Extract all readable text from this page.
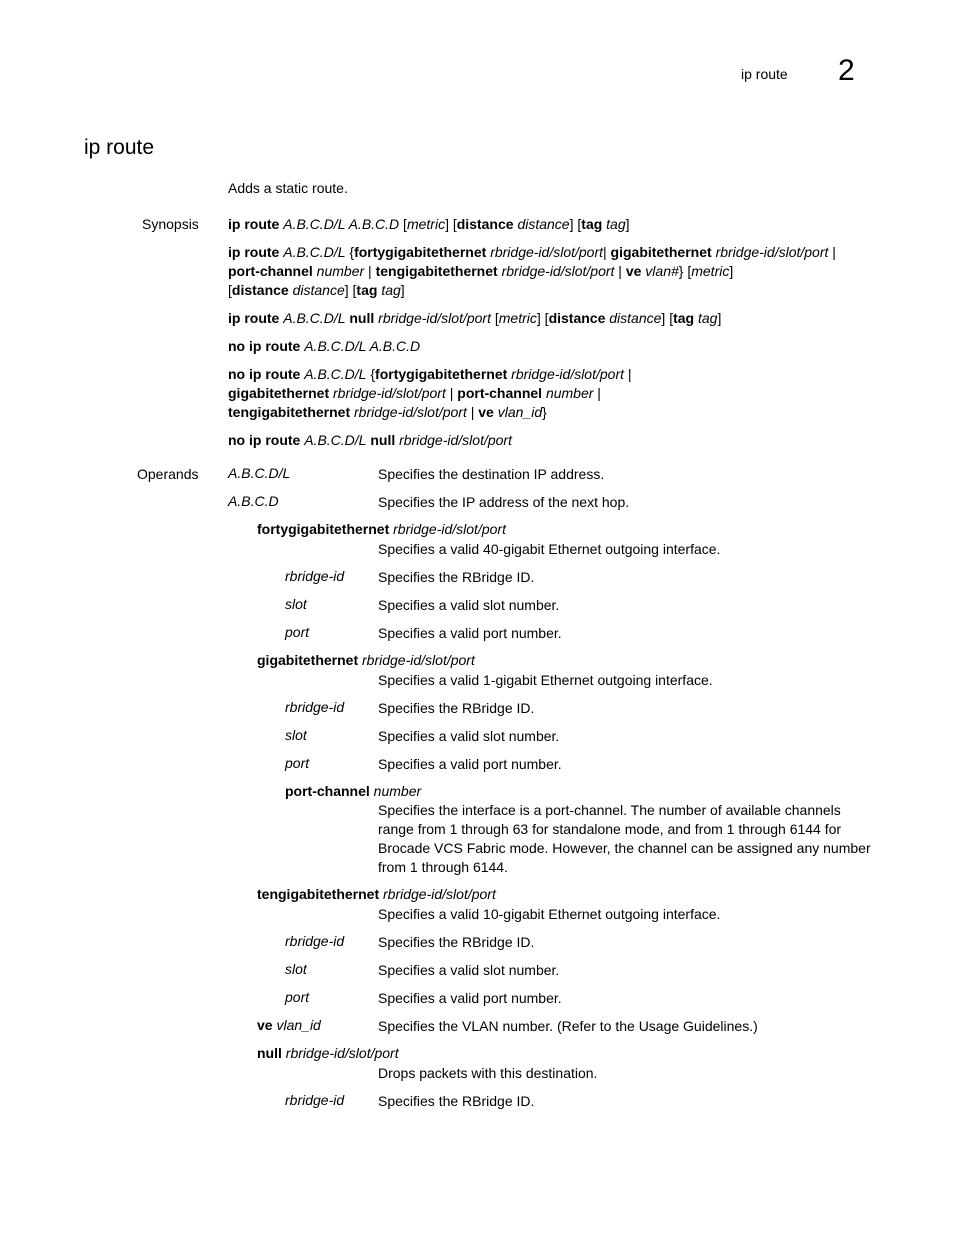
ip route 2
ip route
Adds a static route.
Synopsis ip route A.B.C.D/L A.B.C.D [metric] [distance distance] [tag tag]
ip route A.B.C.D/L {fortygigabitethernet rbridge-id/slot/port| gigabitethernet rbridge-id/slot/port |
port-channel number | tengigabitethernet rbridge-id/slot/port | ve vlan#} [metric]
[distance distance] [tag tag]
ip route A.B.C.D/L null rbridge-id/slot/port [metric] [distance distance] [tag tag]
no ip route A.B.C.D/L A.B.C.D
no ip route A.B.C.D/L {fortygigabitethernet rbridge-id/slot/port |
gigabitethernet rbridge-id/slot/port | port-channel number |
tengigabitethernet rbridge-id/slot/port | ve vlan_id}
no ip route A.B.C.D/L null rbridge-id/slot/port
Operands A.B.C.D/L	Specifies the destination IP address.
A.B.C.D	Specifies the IP address of the next hop.
fortygigabitethernet rbridge-id/slot/port
Specifies a valid 40-gigabit Ethernet outgoing interface.
rbridge-id Specifies the RBridge ID.
slot	Specifies a valid slot number.
port	Specifies a valid port number.
gigabitethernet rbridge-id/slot/port
Specifies a valid 1-gigabit Ethernet outgoing interface.
rbridge-id Specifies the RBridge ID.
slot	Specifies a valid slot number.
port	Specifies a valid port number.
port-channel number
Specifies the interface is a port-channel. The number of available channels range from 1 through 63 for standalone mode, and from 1 through 6144 for Brocade VCS Fabric mode. However, the channel can be assigned any number from 1 through 6144.
tengigabitethernet rbridge-id/slot/port
Specifies a valid 10-gigabit Ethernet outgoing interface.
rbridge-id Specifies the RBridge ID.
slot	Specifies a valid slot number.
port	Specifies a valid port number.
ve vlan_id	Specifies the VLAN number. (Refer to the Usage Guidelines.)
null rbridge-id/slot/port
Drops packets with this destination.
rbridge-id Specifies the RBridge ID.
